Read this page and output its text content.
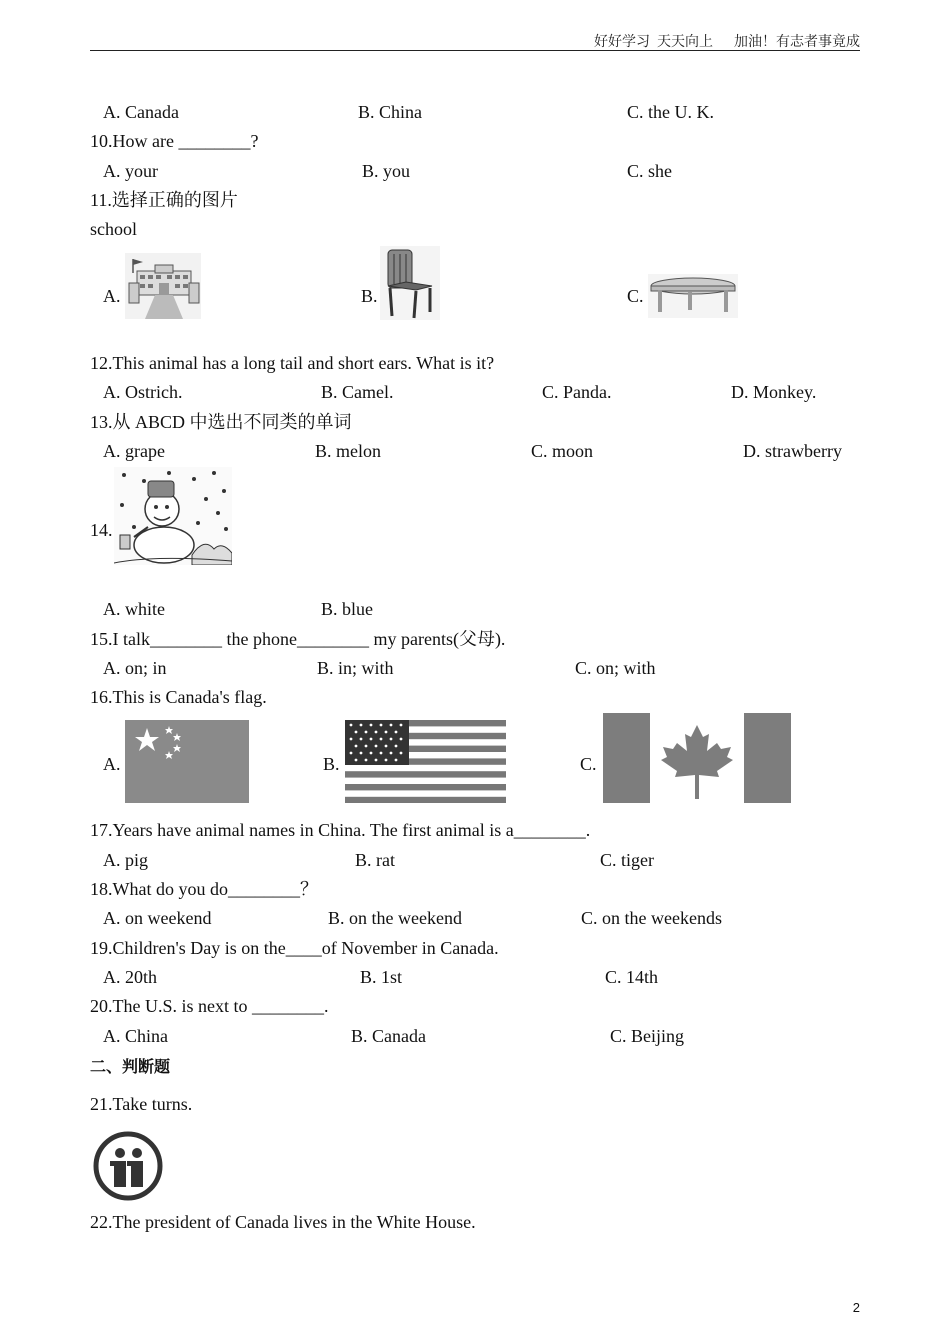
好好学习  天天向上      加油！有志者事竟成
A. Canada	B. China	C. the U. K.
10.How are ________?
A. your	B. you	C. she
11.选择正确的图片
school
A.	B.	C.
12.This animal has a long tail and short ears. What is it?
A. Ostrich.	B. Camel.	C. Panda.	D. Monkey.
13.从 ABCD 中选出不同类的单词
A. grape	B. melon	C. moon	D. strawberry
14.
A. white	B. blue
15.I talk________ the phone________ my parents(父母).
A. on; in	B. in; with	C. on; with
16.This is Canada's flag.
A.	B.	C.
17.Years have animal names in China. The first animal is a________.
A. pig	B. rat	C. tiger
18.What do you do________？
A. on weekend	B. on the weekend	C. on the weekends
19.Children's Day is on the____of November in Canada.
A. 20th	B. 1st	C. 14th
20.The U.S. is next to ________.
A. China	B. Canada	C. Beijing
二、判断题
21.Take turns.
22.The president of Canada lives in the White House.
2
